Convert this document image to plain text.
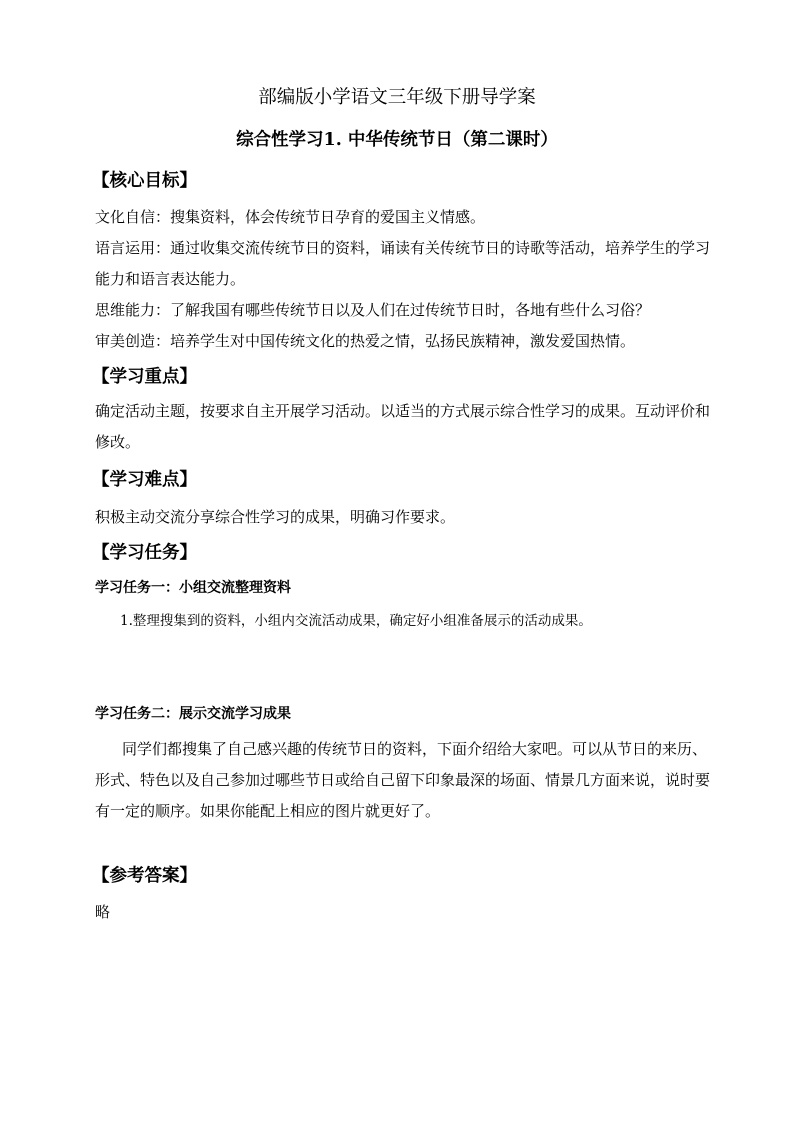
部编版小学语文三年级下册导学案
综合性学习1. 中华传统节日（第二课时）
【核心目标】
文化自信：搜集资料，体会传统节日孕育的爱国主义情感。
语言运用：通过收集交流传统节日的资料，诵读有关传统节日的诗歌等活动，培养学生的学习能力和语言表达能力。
思维能力：了解我国有哪些传统节日以及人们在过传统节日时，各地有些什么习俗？
审美创造：培养学生对中国传统文化的热爱之情，弘扬民族精神，激发爱国热情。
【学习重点】
确定活动主题，按要求自主开展学习活动。以适当的方式展示综合性学习的成果。互动评价和修改。
【学习难点】
积极主动交流分享综合性学习的成果，明确习作要求。
【学习任务】
学习任务一：小组交流整理资料
1.整理搜集到的资料，小组内交流活动成果，确定好小组准备展示的活动成果。
学习任务二：展示交流学习成果
同学们都搜集了自己感兴趣的传统节日的资料，下面介绍给大家吧。可以从节日的来历、形式、特色以及自己参加过哪些节日或给自己留下印象最深的场面、情景几方面来说，说时要有一定的顺序。如果你能配上相应的图片就更好了。
【参考答案】
略
